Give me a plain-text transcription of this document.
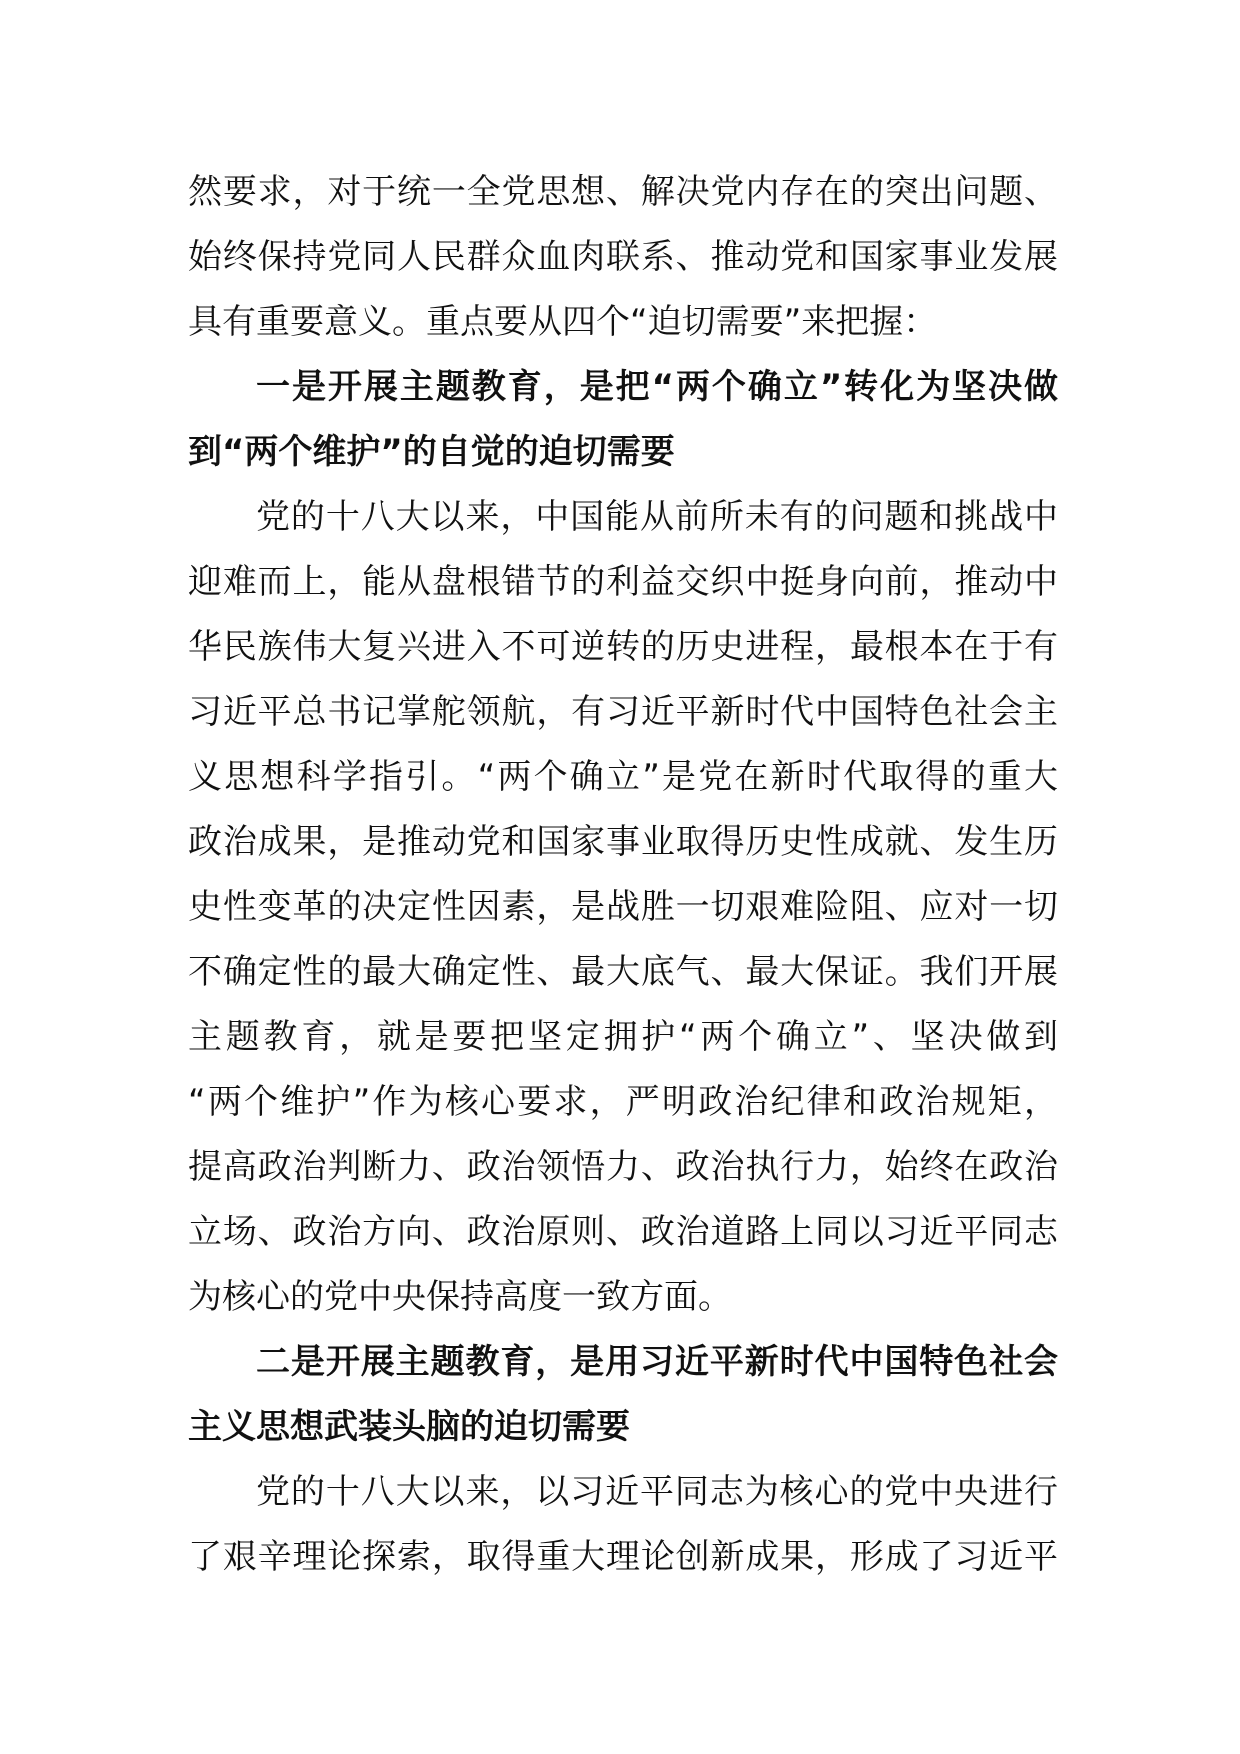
然要求，对于统一全党思想、解决党内存在的突出问题、
始终保持党同人民群众血肉联系、推动党和国家事业发展
具有重要意义。重点要从四个“迫切需要”来把握：
一是开展主题教育，是把“两个确立”转化为坚决做
到“两个维护”的自觉的迫切需要
党的十八大以来，中国能从前所未有的问题和挑战中
迎难而上，能从盘根错节的利益交织中挺身向前，推动中
华民族伟大复兴进入不可逆转的历史进程，最根本在于有
习近平总书记掌舵领航，有习近平新时代中国特色社会主
义思想科学指引。“两个确立”是党在新时代取得的重大
政治成果，是推动党和国家事业取得历史性成就、发生历
史性变革的决定性因素，是战胜一切艰难险阻、应对一切
不确定性的最大确定性、最大底气、最大保证。我们开展
主题教育，就是要把坚定拥护“两个确立”、坚决做到
“两个维护”作为核心要求，严明政治纪律和政治规矩，
提高政治判断力、政治领悟力、政治执行力，始终在政治
立场、政治方向、政治原则、政治道路上同以习近平同志
为核心的党中央保持高度一致方面。
二是开展主题教育，是用习近平新时代中国特色社会
主义思想武装头脑的迫切需要
党的十八大以来，以习近平同志为核心的党中央进行
了艰辛理论探索，取得重大理论创新成果，形成了习近平
